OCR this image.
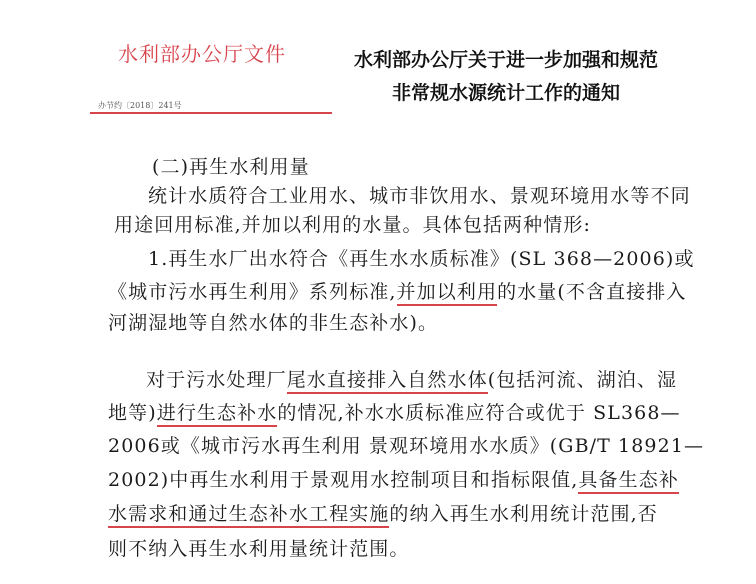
水利部办公厅文件
办节约〔2018〕241号
水利部办公厅关于进一步加强和规范
非常规水源统计工作的通知
(二)再生水利用量
统计水质符合工业用水、城市非饮用水、景观环境用水等不同
用途回用标准,并加以利用的水量。具体包括两种情形:
1.再生水厂出水符合《再生水水质标准》(SL 368—2006)或
《城市污水再生利用》系列标准,并加以利用的水量(不含直接排入
河湖湿地等自然水体的非生态补水)。
对于污水处理厂尾水直接排入自然水体(包括河流、湖泊、湿
地等)进行生态补水的情况,补水水质标准应符合或优于 SL368—
2006或《城市污水再生利用 景观环境用水水质》(GB/T 18921—
2002)中再生水利用于景观用水控制项目和指标限值,具备生态补
水需求和通过生态补水工程实施的纳入再生水利用统计范围,否
则不纳入再生水利用量统计范围。
